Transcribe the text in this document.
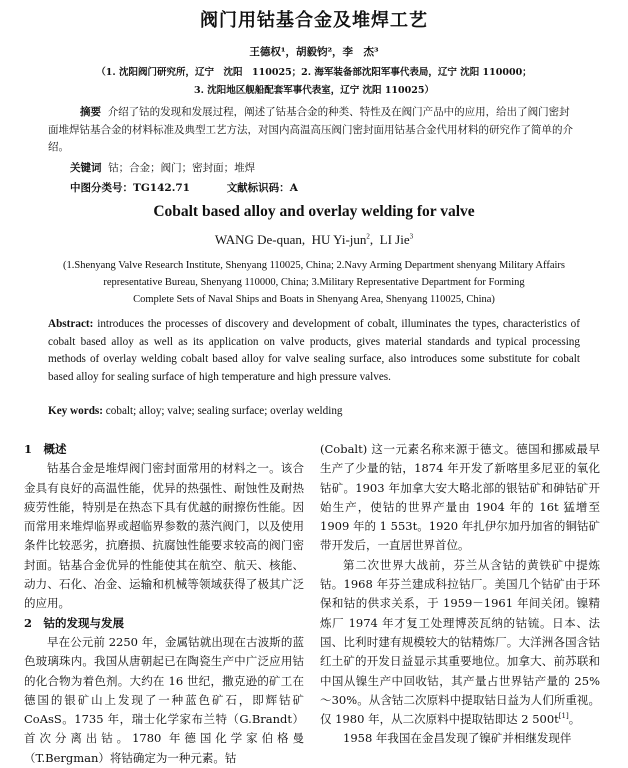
阀门用钴基合金及堆焊工艺
王德权¹，胡毅钧²，李　杰³
（1. 沈阳阀门研究所，辽宁　沈阳　110025；2. 海军装备部沈阳军事代表局，辽宁 沈阳 110000；
3. 沈阳地区舰船配套军事代表室，辽宁 沈阳 110025）
摘要 介绍了钴的发现和发展过程，阐述了钴基合金的种类、特性及在阀门产品中的应用，给出了阀门密封面堆焊钴基合金的材料标准及典型工艺方法，对国内高温高压阀门密封面用钴基合金代用材料的研究作了简单的介绍。
关键词 钴；合金；阀门；密封面；堆焊
中图分类号：TG142.71	文献标识码：A
Cobalt based alloy and overlay welding for valve
WANG De-quan, HU Yi-jun$^2$, LI Jie$^3$
(1.Shenyang Valve Research Institute, Shenyang 110025, China; 2.Navy Arming Department shenyang Military Affairs
representative Bureau, Shenyang 110000, China; 3.Military Representative Department for Forming
Complete Sets of Naval Ships and Boats in Shenyang Area, Shenyang 110025, China)
Abstract: introduces the processes of discovery and development of cobalt, illuminates the types, characteristics of cobalt based alloy as well as its application on valve products, gives material standards and typical processing methods of overlay welding cobalt based alloy for valve sealing surface, also introduces some substitute for cobalt based alloy for sealing surface of high temperature and high pressure valves.
Key words: cobalt; alloy; valve; sealing surface; overlay welding
1　概述

钴基合金是堆焊阀门密封面常用的材料之一。该合金具有良好的高温性能，优异的热强性、耐蚀性及耐热疲劳性能，特别是在热态下具有优越的耐擦伤性能。因而常用来堆焊临界或超临界参数的蒸汽阀门，以及使用条件比较恶劣，抗磨损、抗腐蚀性能要求较高的阀门密封面。钴基合金优异的性能使其在航空、航天、核能、动力、石化、冶金、运输和机械等领域获得了极其广泛的应用。

2　钴的发现与发展

早在公元前 2250 年，金属钴就出现在古波斯的蓝色玻璃珠内。我国从唐朝起已在陶瓷生产中广泛应用钴的化合物为着色剂。大约在 16 世纪，撒克逊的矿工在德国的银矿山上发现了一种蓝色矿石，即辉钴矿 CoAsS。1735 年，瑞士化学家布兰特（G.Brandt）首次分离出钴。1780 年德国化学家伯格曼（T.Bergman）将钴确定为一种元素。钴

(Cobalt) 这一元素名称来源于德文。德国和挪威最早生产了少量的钴，1874 年开发了新喀里多尼亚的氧化钴矿。1903 年加拿大安大略北部的银钴矿和砷钴矿开始生产，使钴的世界产量由 1904 年的 16t 猛增至 1909 年的 1 553t。1920 年扎伊尔加丹加省的铜钴矿带开发后，一直居世界首位。

第二次世界大战前，芬兰从含钴的黄铁矿中提炼钴。1968 年芬兰建成科拉钴厂。美国几个钴矿由于环保和钴的供求关系，于 1959－1961 年间关闭。镍精炼厂 1974 年才复工处理博茨瓦纳的钴锍。日本、法国、比利时建有规模较大的钴精炼厂。大洋洲各国含钴红土矿的开发日益显示其重要地位。加拿大、前苏联和中国从镍生产中回收钴，其产量占世界钴产量的 25%～30%。从含钴二次原料中提取钴日益为人们所重视。仅 1980 年，从二次原料中提取钴即达 2 500t[1]。

1958 年我国在金昌发现了镍矿并相继发现伴
